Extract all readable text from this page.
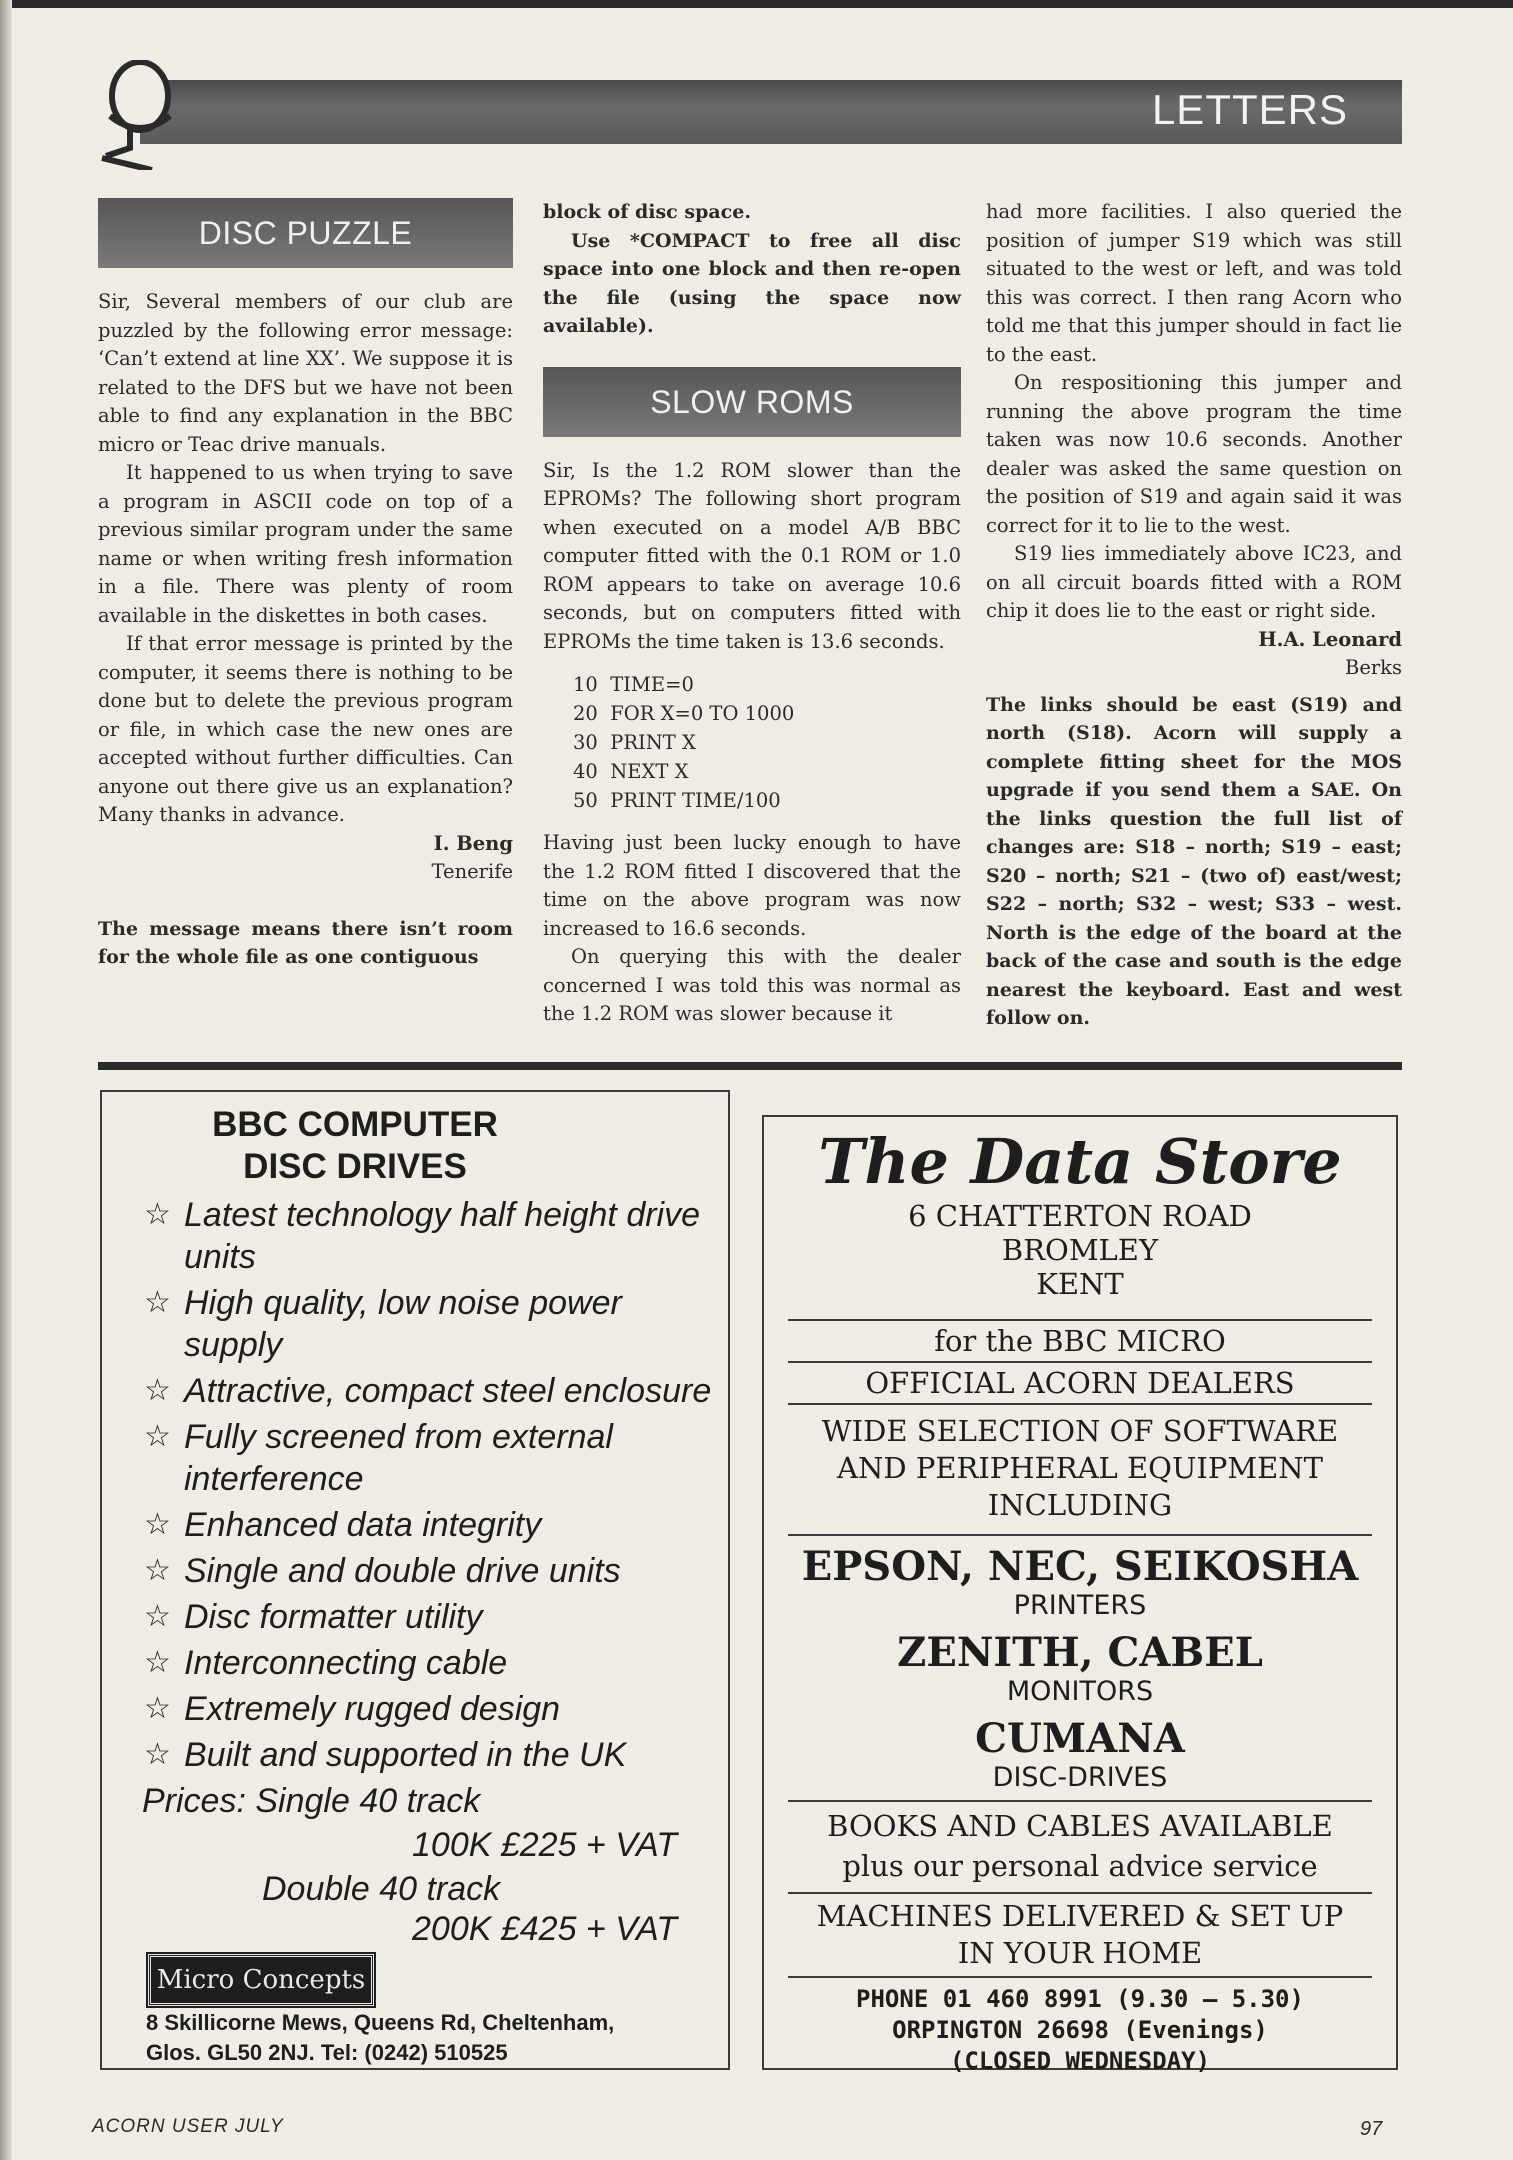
LETTERS
DISC PUZZLE

Sir, Several members of our club are puzzled by the following error message: ‘Can’t extend at line XX’. We suppose it is related to the DFS but we have not been able to find any explanation in the BBC micro or Teac drive manuals.

It happened to us when trying to save a program in ASCII code on top of a previous similar program under the same name or when writing fresh information in a file. There was plenty of room available in the diskettes in both cases.

If that error message is printed by the computer, it seems there is nothing to be done but to delete the previous program or file, in which case the new ones are accepted without further difficulties. Can anyone out there give us an explanation? Many thanks in advance.

I. Beng
Tenerife

The message means there isn’t room for the whole file as one contiguous

block of disc space.

Use *COMPACT to free all disc space into one block and then re-open the file (using the space now available).

SLOW ROMS

Sir, Is the 1.2 ROM slower than the EPROMs? The following short program when executed on a model A/B BBC computer fitted with the 0.1 ROM or 1.0 ROM appears to take on average 10.6 seconds, but on computers fitted with EPROMs the time taken is 13.6 seconds.

10  TIME=0
20  FOR X=0 TO 1000
30  PRINT X
40  NEXT X
50  PRINT TIME/100

Having just been lucky enough to have the 1.2 ROM fitted I discovered that the time on the above program was now increased to 16.6 seconds.

On querying this with the dealer concerned I was told this was normal as the 1.2 ROM was slower because it

had more facilities. I also queried the position of jumper S19 which was still situated to the west or left, and was told this was correct. I then rang Acorn who told me that this jumper should in fact lie to the east.

On respositioning this jumper and running the above program the time taken was now 10.6 seconds. Another dealer was asked the same question on the position of S19 and again said it was correct for it to lie to the west.

S19 lies immediately above IC23, and on all circuit boards fitted with a ROM chip it does lie to the east or right side.

H.A. Leonard
Berks

The links should be east (S19) and north (S18). Acorn will supply a complete fitting sheet for the MOS upgrade if you send them a SAE. On the links question the full list of changes are: S18 – north; S19 – east; S20 – north; S21 – (two of) east/west; S22 – north; S32 – west; S33 – west. North is the edge of the board at the back of the case and south is the edge nearest the keyboard. East and west follow on.

BBC COMPUTER
DISC DRIVES
☆ Latest technology half height drive units
☆ High quality, low noise power supply
☆ Attractive, compact steel enclosure
☆ Fully screened from external interference
☆ Enhanced data integrity
☆ Single and double drive units
☆ Disc formatter utility
☆ Interconnecting cable
☆ Extremely rugged design
☆ Built and supported in the UK
Prices: Single 40 track
100K £225 + VAT
Double 40 track
200K £425 + VAT
Micro Concepts
8 Skillicorne Mews, Queens Rd, Cheltenham,
Glos. GL50 2NJ. Tel: (0242) 510525
The Data Store
6 CHATTERTON ROAD
BROMLEY
KENT
for the BBC MICRO
OFFICIAL ACORN DEALERS
WIDE SELECTION OF SOFTWARE
AND PERIPHERAL EQUIPMENT
INCLUDING
EPSON, NEC, SEIKOSHA
PRINTERS
ZENITH, CABEL
MONITORS
CUMANA
DISC-DRIVES
BOOKS AND CABLES AVAILABLE
plus our personal advice service
MACHINES DELIVERED & SET UP
IN YOUR HOME
PHONE 01 460 8991 (9.30 – 5.30)
ORPINGTON 26698 (Evenings)
(CLOSED WEDNESDAY)
ACORN USER JULY	97
